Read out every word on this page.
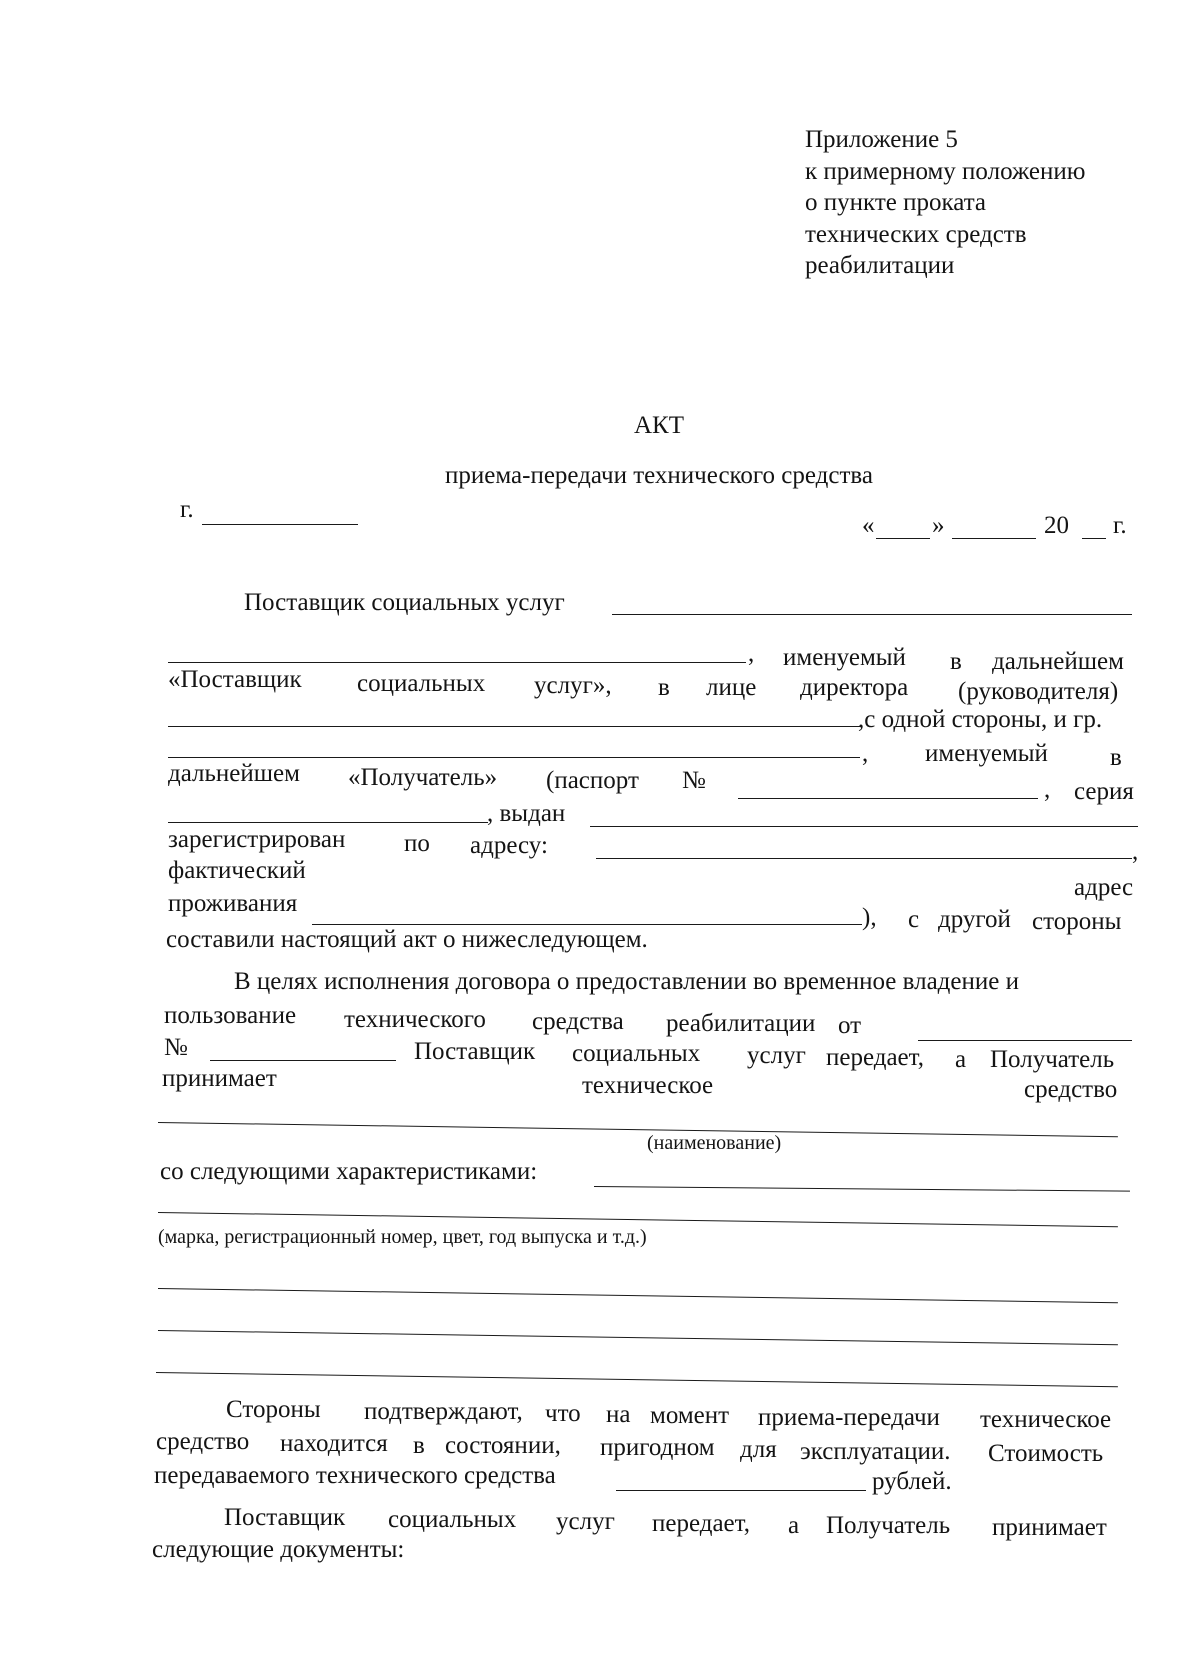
Приложение 5
к примерному положению
о пункте проката
технических средств
реабилитации
АКТ
приема-передачи технического средства
г.
« »	20 г.
Поставщик социальных услуг
, именуемый в дальнейшем
«Поставщик социальных услуг», в лице директора (руководителя)
,с одной стороны, и гр.
, именуемый в
дальнейшем «Получатель» (паспорт №	, серия
, выдан
зарегистрирован по адресу:	,
фактический
адрес
проживания
), с другой стороны
составили настоящий акт о нижеследующем.
В целях исполнения договора о предоставлении во временное владение и
пользование технического средства реабилитации от
№	Поставщик социальных услуг передает, а Получатель
принимает	техническое	средство
(наименование)
со следующими характеристиками:
(марка, регистрационный номер, цвет, год выпуска и т.д.)
Стороны подтверждают, что на момент приема-передачи техническое
средство находится в состоянии, пригодном для эксплуатации. Стоимость
передаваемого технического средства	рублей.
Поставщик социальных услуг передает, а Получатель принимает
следующие документы:
